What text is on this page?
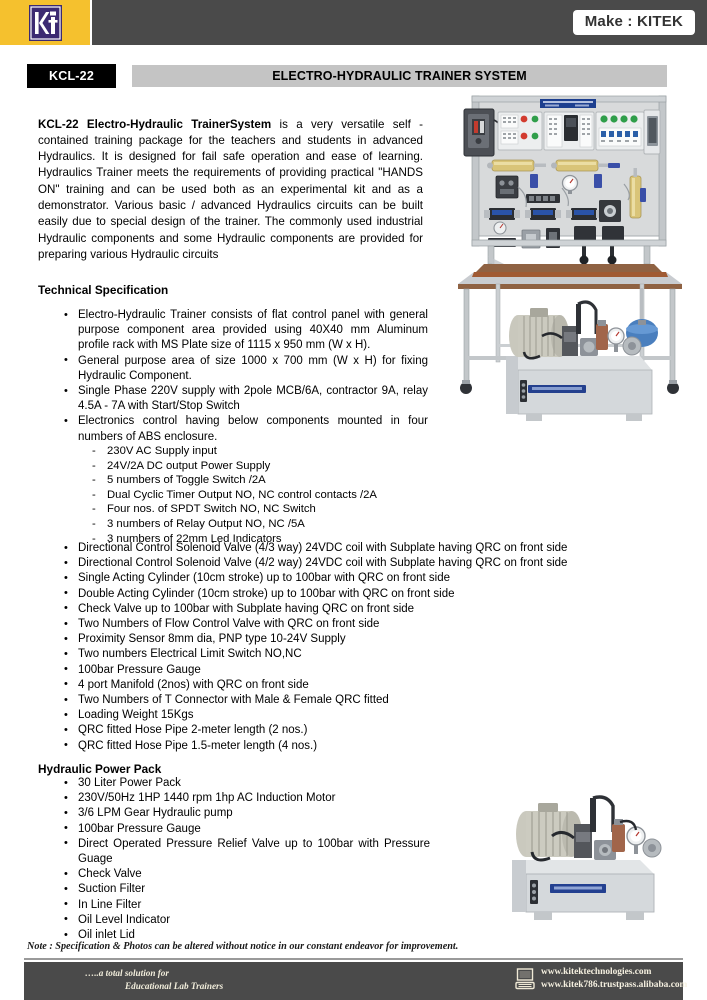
Make : KITEK
KCL-22	ELECTRO-HYDRAULIC TRAINER SYSTEM

KCL-22 Electro-Hydraulic TrainerSystem is a very versatile self - contained training package for the teachers and students in advanced Hydraulics. It is designed for fail safe operation and ease of learning. Hydraulics Trainer meets the requirements of providing practical "HANDS ON" training and can be used both as an experimental kit and as a demonstrator. Various basic / advanced Hydraulics circuits can be built easily due to special design of the trainer. The commonly used industrial Hydraulic components and some Hydraulic components are provided for preparing various Hydraulic circuits

Technical Specification
• Electro-Hydraulic Trainer consists of flat control panel with general purpose component area provided using 40X40 mm Aluminum profile rack with MS Plate size of 1115 x 950 mm (W x H).
• General purpose area of size 1000 x 700 mm (W x H) for fixing Hydraulic Component.
• Single Phase 220V supply with 2pole MCB/6A, contractor 9A, relay 4.5A - 7A with Start/Stop Switch
• Electronics control having below components mounted in four numbers of ABS enclosure.
- 230V AC Supply input
- 24V/2A DC output Power Supply
- 5 numbers of Toggle Switch /2A
- Dual Cyclic Timer Output NO, NC control contacts /2A
- Four nos. of SPDT Switch NO, NC Switch
- 3 numbers of Relay Output NO, NC /5A
- 3 numbers of 22mm Led Indicators
• Directional Control Solenoid Valve (4/3 way) 24VDC coil with Subplate having QRC on front side
• Directional Control Solenoid Valve (4/2 way) 24VDC coil with Subplate having QRC on front side
• Single Acting Cylinder (10cm stroke) up to 100bar with QRC on front side
• Double Acting Cylinder (10cm stroke) up to 100bar with QRC on front side
• Check Valve up to 100bar with Subplate having QRC on front side
• Two Numbers of Flow Control Valve with QRC on front side
• Proximity Sensor 8mm dia, PNP type 10-24V Supply
• Two numbers Electrical Limit Switch NO,NC
• 100bar Pressure Gauge
• 4 port Manifold (2nos) with QRC on front side
• Two Numbers of T Connector with Male & Female QRC fitted
• Loading Weight 15Kgs
• QRC fitted Hose Pipe 2-meter length (2 nos.)
• QRC fitted Hose Pipe 1.5-meter length (4 nos.)
Hydraulic Power Pack
• 30 Liter Power Pack
• 230V/50Hz 1HP 1440 rpm 1hp AC Induction Motor
• 3/6 LPM Gear Hydraulic pump
• 100bar Pressure Gauge
• Direct Operated Pressure Relief Valve up to 100bar with Pressure Guage
• Check Valve
• Suction Filter
• In Line Filter
• Oil Level Indicator
• Oil inlet Lid
Note : Specification & Photos can be altered without notice in our constant endeavor for improvement.
…..a total solution for
Educational Lab Trainers
www.kitektechnologies.com
www.kitek786.trustpass.alibaba.com
